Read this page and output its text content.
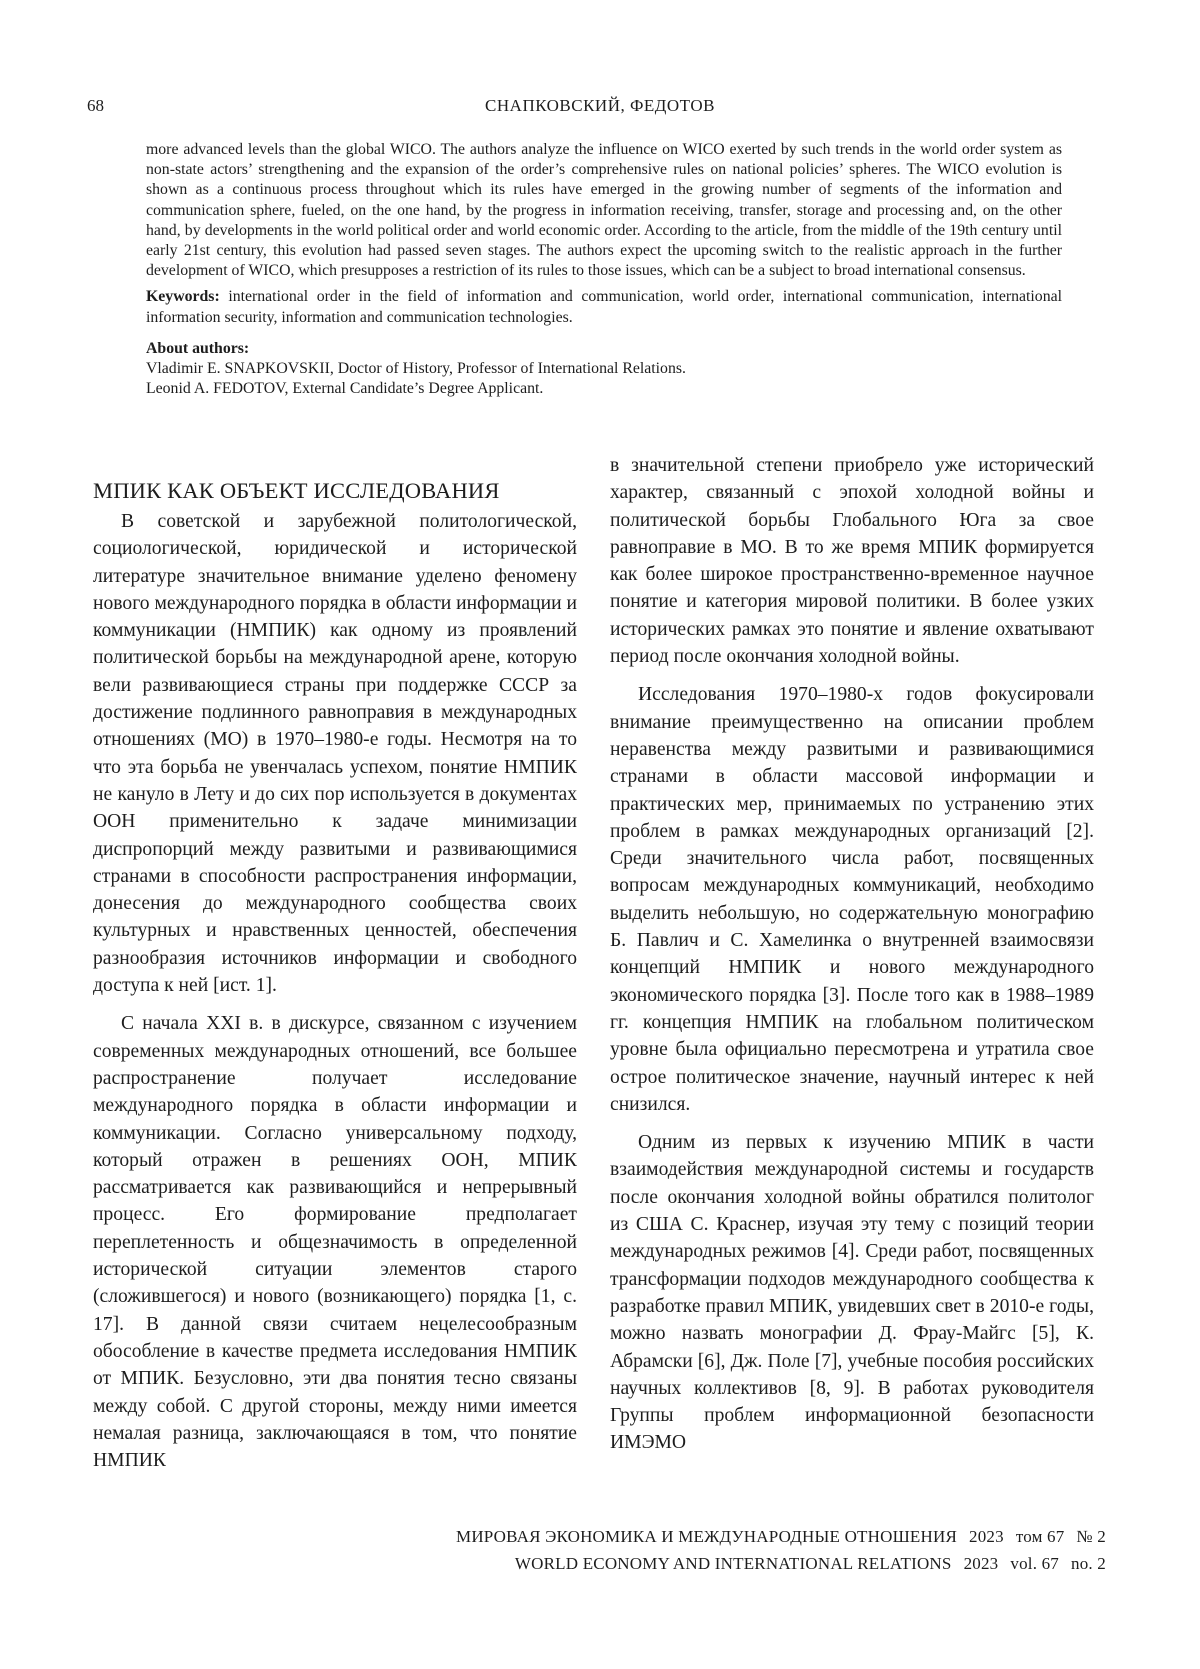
68	СНАПКОВСКИЙ, ФЕДОТОВ

more advanced levels than the global WICO. The authors analyze the influence on WICO exerted by such trends in the world order system as non-state actors’ strengthening and the expansion of the order’s comprehensive rules on national policies’ spheres. The WICO evolution is shown as a continuous process throughout which its rules have emerged in the growing number of segments of the information and communication sphere, fueled, on the one hand, by the progress in information receiving, transfer, storage and processing and, on the other hand, by developments in the world political order and world economic order. According to the article, from the middle of the 19th century until early 21st century, this evolution had passed seven stages. The authors expect the upcoming switch to the realistic approach in the further development of WICO, which presupposes a restriction of its rules to those issues, which can be a subject to broad international consensus.

Keywords: international order in the field of information and communication, world order, international communication, international information security, information and communication technologies.

About authors:

Vladimir E. SNAPKOVSKII, Doctor of History, Professor of International Relations.

Leonid A. FEDOTOV, External Candidate’s Degree Applicant.

МПИК КАК ОБЪЕКТ ИССЛЕДОВАНИЯ

В советской и зарубежной политологической, социологической, юридической и исторической литературе значительное внимание уделено феномену нового международного порядка в области информации и коммуникации (НМПИК) как одному из проявлений политической борьбы на международной арене, которую вели развивающиеся страны при поддержке СССР за достижение подлинного равноправия в международных отношениях (МО) в 1970–1980-е годы. Несмотря на то что эта борьба не увенчалась успехом, понятие НМПИК не кануло в Лету и до сих пор используется в документах ООН применительно к задаче минимизации диспропорций между развитыми и развивающимися странами в способности распространения информации, донесения до международного сообщества своих культурных и нравственных ценностей, обеспечения разнообразия источников информации и свободного доступа к ней [ист. 1].

С начала XXI в. в дискурсе, связанном с изучением современных международных отношений, все большее распространение получает исследование международного порядка в области информации и коммуникации. Согласно универсальному подходу, который отражен в решениях ООН, МПИК рассматривается как развивающийся и непрерывный процесс. Его формирование предполагает переплетенность и общезначимость в определенной исторической ситуации элементов старого (сложившегося) и нового (возникающего) порядка [1, с. 17]. В данной связи считаем нецелесообразным обособление в качестве предмета исследования НМПИК от МПИК. Безусловно, эти два понятия тесно связаны между собой. С другой стороны, между ними имеется немалая разница, заключающаяся в том, что понятие НМПИК

в значительной степени приобрело уже исторический характер, связанный с эпохой холодной войны и политической борьбы Глобального Юга за свое равноправие в МО. В то же время МПИК формируется как более широкое пространственно-временное научное понятие и категория мировой политики. В более узких исторических рамках это понятие и явление охватывают период после окончания холодной войны.

Исследования 1970–1980-х годов фокусировали внимание преимущественно на описании проблем неравенства между развитыми и развивающимися странами в области массовой информации и практических мер, принимаемых по устранению этих проблем в рамках международных организаций [2]. Среди значительного числа работ, посвященных вопросам международных коммуникаций, необходимо выделить небольшую, но содержательную монографию Б. Павлич и С. Хамелинка о внутренней взаимосвязи концепций НМПИК и нового международного экономического порядка [3]. После того как в 1988–1989 гг. концепция НМПИК на глобальном политическом уровне была официально пересмотрена и утратила свое острое политическое значение, научный интерес к ней снизился.

Одним из первых к изучению МПИК в части взаимодействия международной системы и государств после окончания холодной войны обратился политолог из США С. Краснер, изучая эту тему с позиций теории международных режимов [4]. Среди работ, посвященных трансформации подходов международного сообщества к разработке правил МПИК, увидевших свет в 2010-е годы, можно назвать монографии Д. Фрау-Майгс [5], К. Абрамски [6], Дж. Поле [7], учебные пособия российских научных коллективов [8, 9]. В работах руководителя Группы проблем информационной безопасности ИМЭМО

МИРОВАЯ ЭКОНОМИКА И МЕЖДУНАРОДНЫЕ ОТНОШЕНИЯ 2023 том 67 № 2
WORLD ECONOMY AND INTERNATIONAL RELATIONS 2023 vol. 67 no. 2
